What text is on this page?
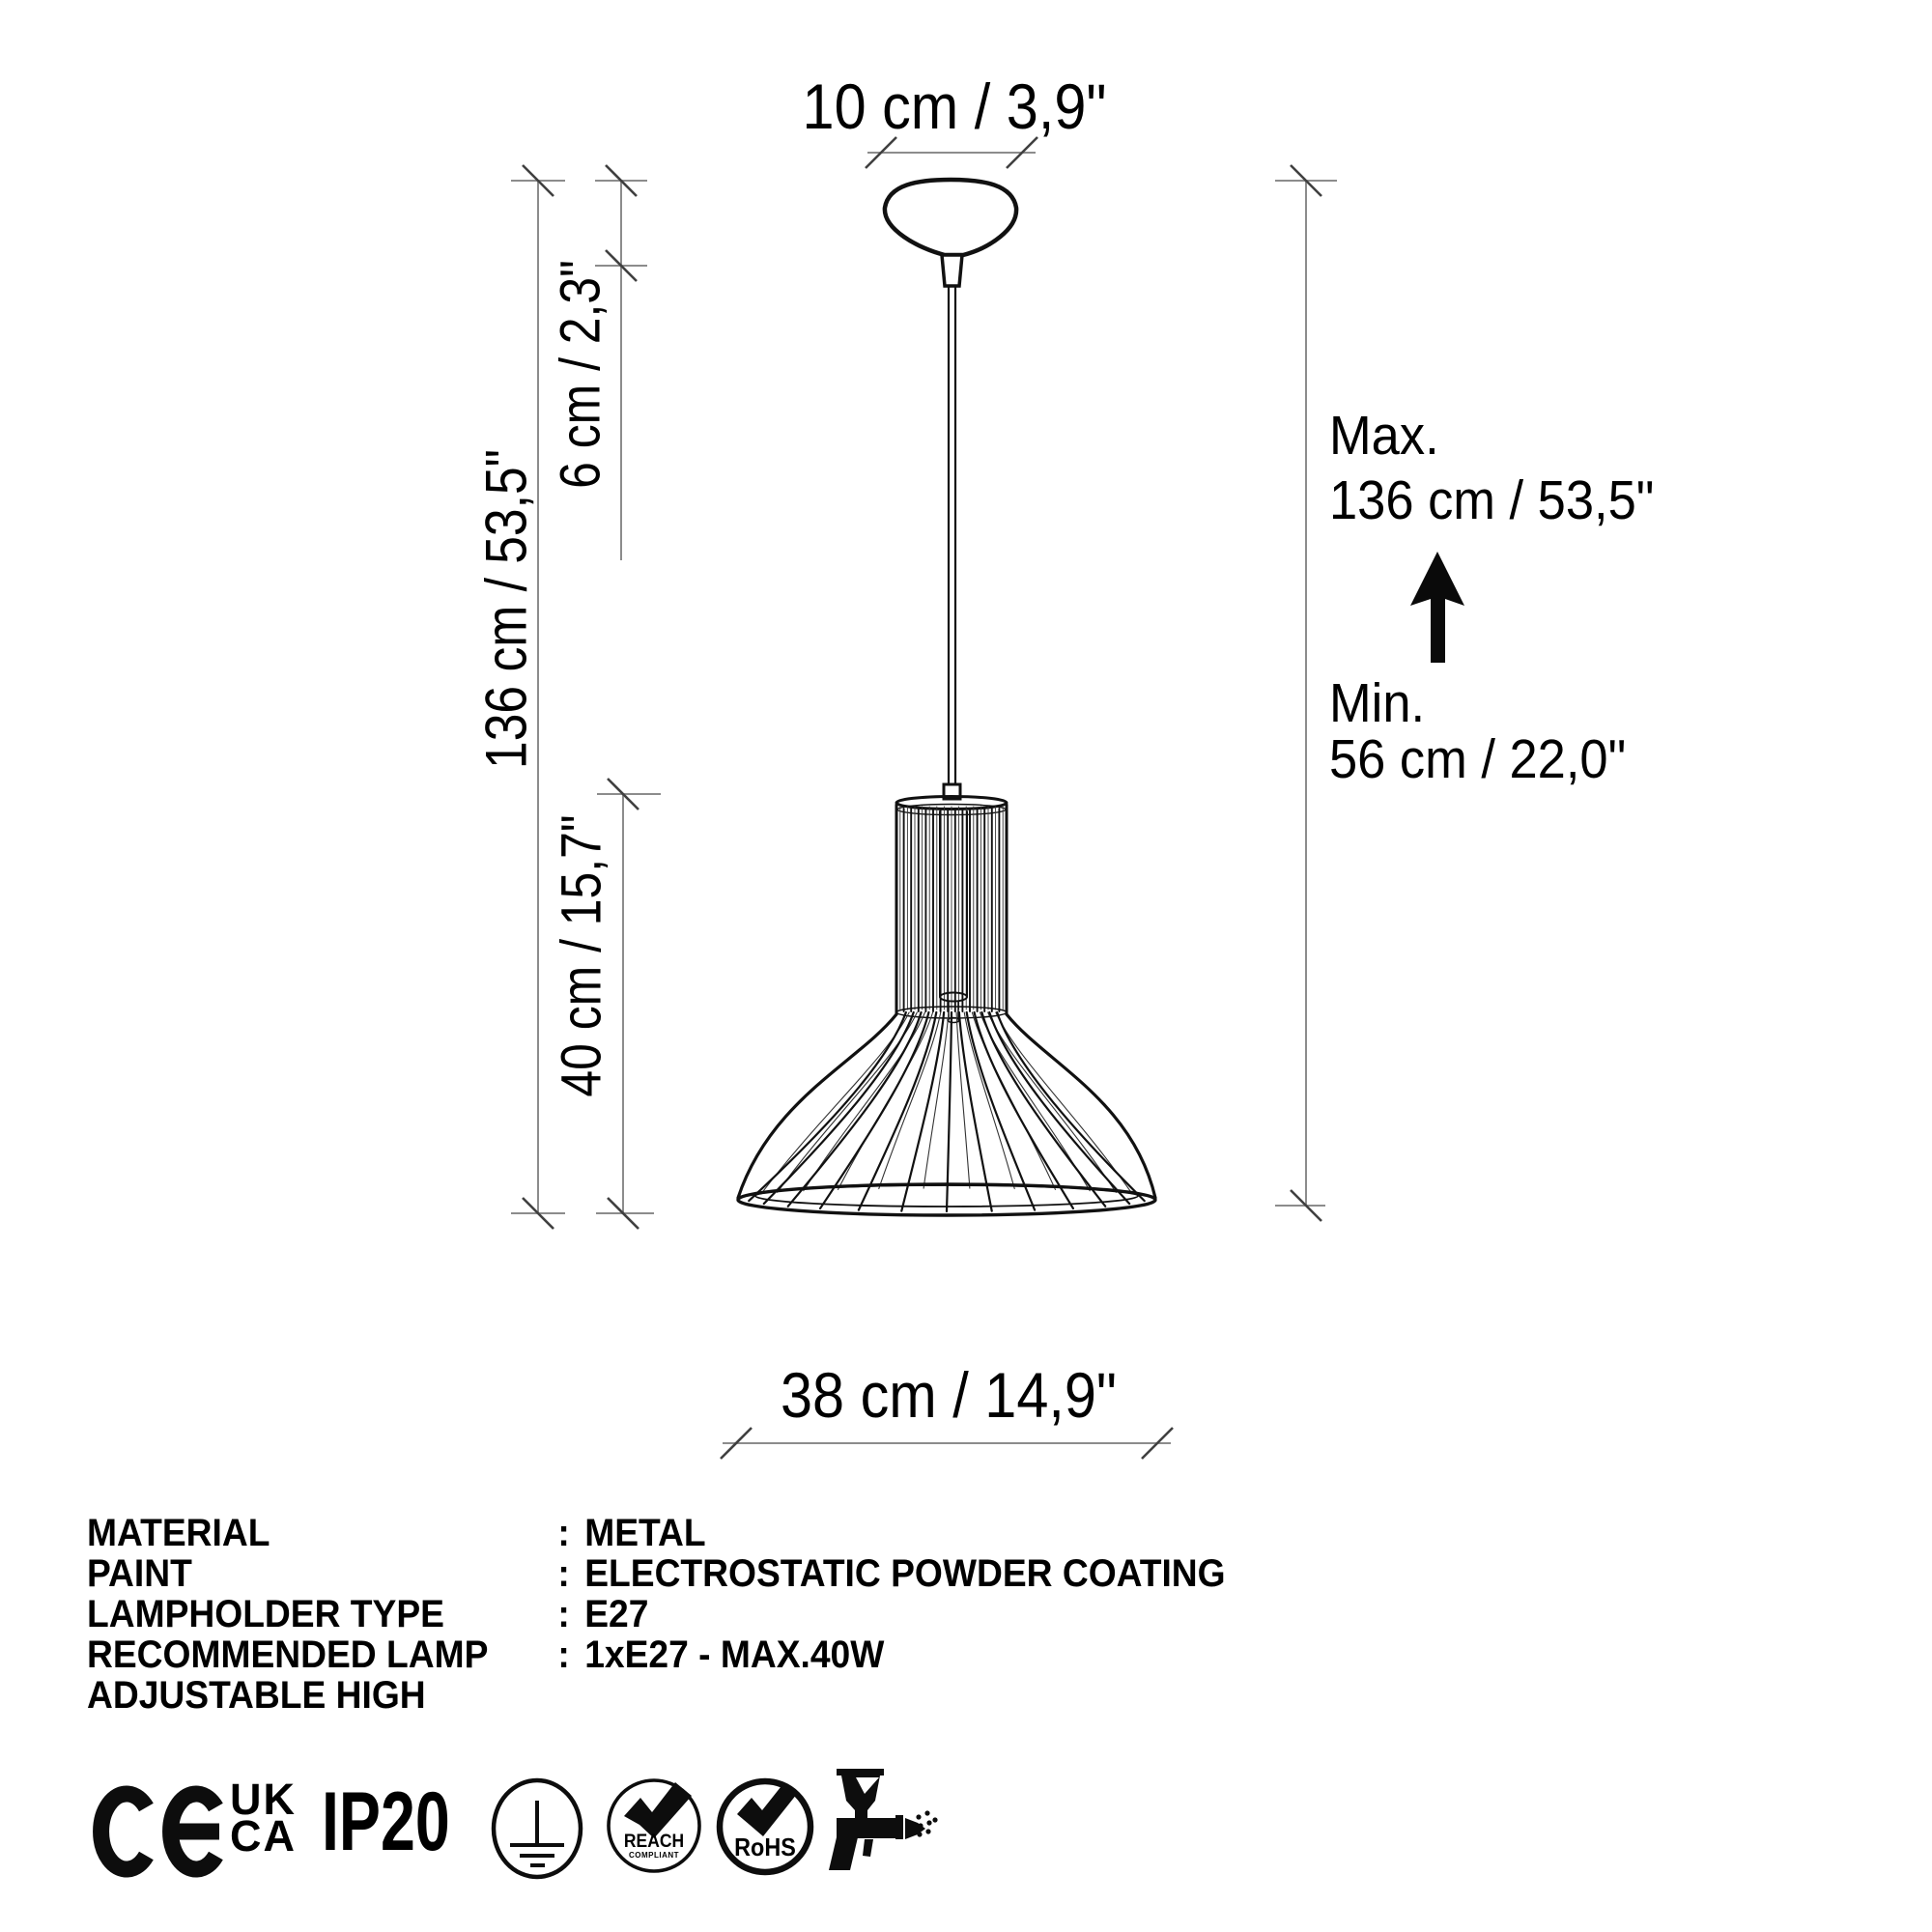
10 cm / 3,9"
136 cm / 53,5"
6 cm / 2,3"
40 cm / 15,7"
38 cm / 14,9"
Max.
136 cm / 53,5"
Min.
56 cm / 22,0"
MATERIAL	: METAL
PAINT	: ELECTROSTATIC POWDER COATING
LAMPHOLDER TYPE	: E27
RECOMMENDED LAMP	: 1xE27 - MAX.40W
ADJUSTABLE HIGH
UK
CA IP20	REACH
COMPLIANT	RoHS
